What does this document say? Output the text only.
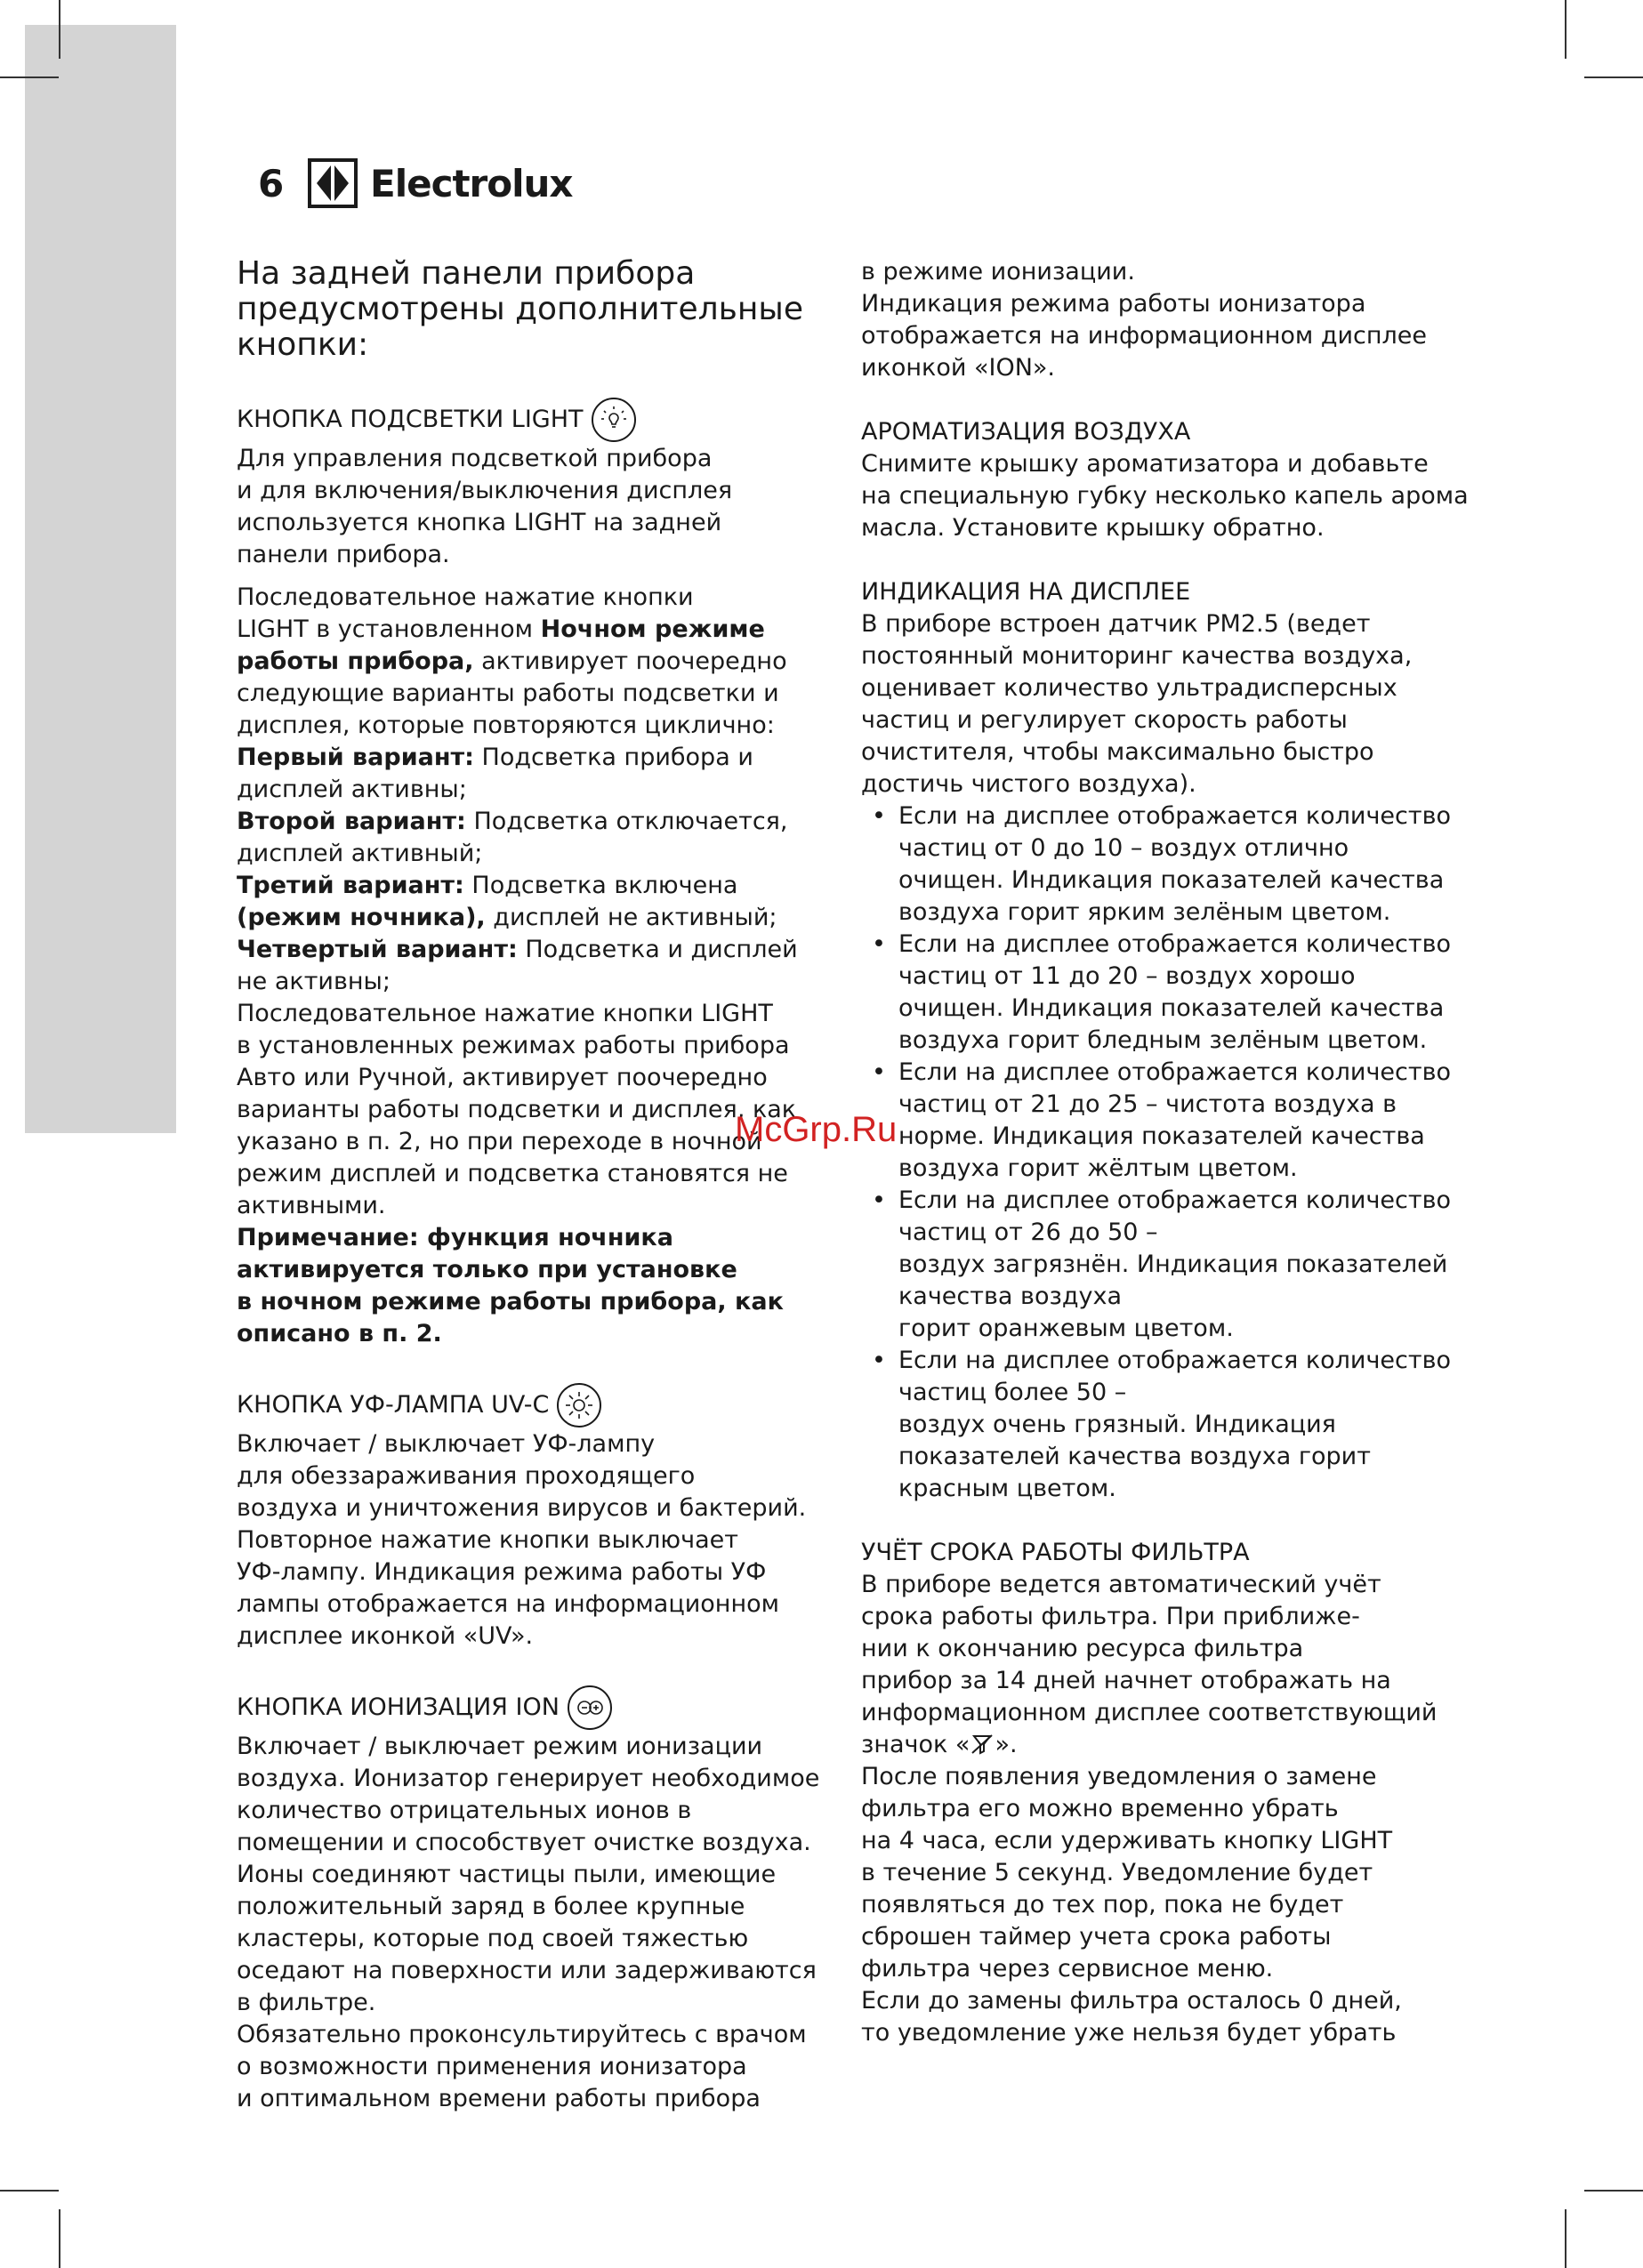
6	Electrolux
На задней панели прибора
предусмотрены дополнительные
кнопки:
КНОПКА ПОДСВЕТКИ LIGHT

Для управления подсветкой прибора
и для включения/выключения дисплея
используется кнопка LIGHT на задней
панели прибора.

Последовательное нажатие кнопки
LIGHT в установленном Ночном режиме
работы прибора, активирует поочередно
следующие варианты работы подсветки и
дисплея, которые повторяются циклично:
Первый вариант: Подсветка прибора и
дисплей активны;
Второй вариант: Подсветка отключается,
дисплей активный;
Третий вариант: Подсветка включена
(режим ночника), дисплей не активный;
Четвертый вариант: Подсветка и дисплей
не активны;
Последовательное нажатие кнопки LIGHT
в установленных режимах работы прибора
Авто или Ручной, активирует поочередно
варианты работы подсветки и дисплея, как
указано в п. 2, но при переходе в ночной
режим дисплей и подсветка становятся не
активными.

Примечание: функция ночника
активируется только при установке
в ночном режиме работы прибора, как
описано в п. 2.

КНОПКА УФ-ЛАМПА UV-C

Включает / выключает УФ-лампу
для обеззараживания проходящего
воздуха и уничтожения вирусов и бактерий.
Повторное нажатие кнопки выключает
УФ-лампу. Индикация режима работы УФ
лампы отображается на информационном
дисплее иконкой «UV».

КНОПКА ИОНИЗАЦИЯ ION

Включает / выключает режим ионизации
воздуха. Ионизатор генерирует необходимое
количество отрицательных ионов в
помещении и способствует очистке воздуха.
Ионы соединяют частицы пыли, имеющие
положительный заряд в более крупные
кластеры, которые под своей тяжестью
оседают на поверхности или задерживаются
в фильтре.
Обязательно проконсультируйтесь с врачом
о возможности применения ионизатора
и оптимальном времени работы прибора

в режиме ионизации.
Индикация режима работы ионизатора
отображается на информационном дисплее
иконкой «ION».

АРОМАТИЗАЦИЯ ВОЗДУХА

Снимите крышку ароматизатора и добавьте
на специальную губку несколько капель арома
масла. Установите крышку обратно.

ИНДИКАЦИЯ НА ДИСПЛЕЕ

В приборе встроен датчик PM2.5 (ведет
постоянный мониторинг качества воздуха,
оценивает количество ультрадисперсных
частиц и регулирует скорость работы
очистителя, чтобы максимально быстро
достичь чистого воздуха).

• Если на дисплее отображается количество
частиц от 0 до 10 – воздух отлично
очищен. Индикация показателей качества
воздуха горит ярким зелёным цветом.
• Если на дисплее отображается количество
частиц от 11 до 20 – воздух хорошо
очищен. Индикация показателей качества
воздуха горит бледным зелёным цветом.
• Если на дисплее отображается количество
частиц от 21 до 25 – чистота воздуха в
норме. Индикация показателей качества
воздуха горит жёлтым цветом.
• Если на дисплее отображается количество
частиц от 26 до 50 –
воздух загрязнён. Индикация показателей
качества воздуха
горит оранжевым цветом.
• Если на дисплее отображается количество
частиц более 50 –
воздух очень грязный. Индикация
показателей качества воздуха горит
красным цветом.
УЧЁТ СРОКА РАБОТЫ ФИЛЬТРА

В приборе ведется автоматический учёт
срока работы фильтра. При приближе-
нии к окончанию ресурса фильтра
прибор за 14 дней начнет отображать на
информационном дисплее соответствующий
значок « ».
После появления уведомления о замене
фильтра его можно временно убрать
на 4 часа, если удерживать кнопку LIGHT
в течение 5 секунд. Уведомление будет
появляться до тех пор, пока не будет
сброшен таймер учета срока работы
фильтра через сервисное меню.
Если до замены фильтра осталось 0 дней,
то уведомление уже нельзя будет убрать

McGrp.Ru
